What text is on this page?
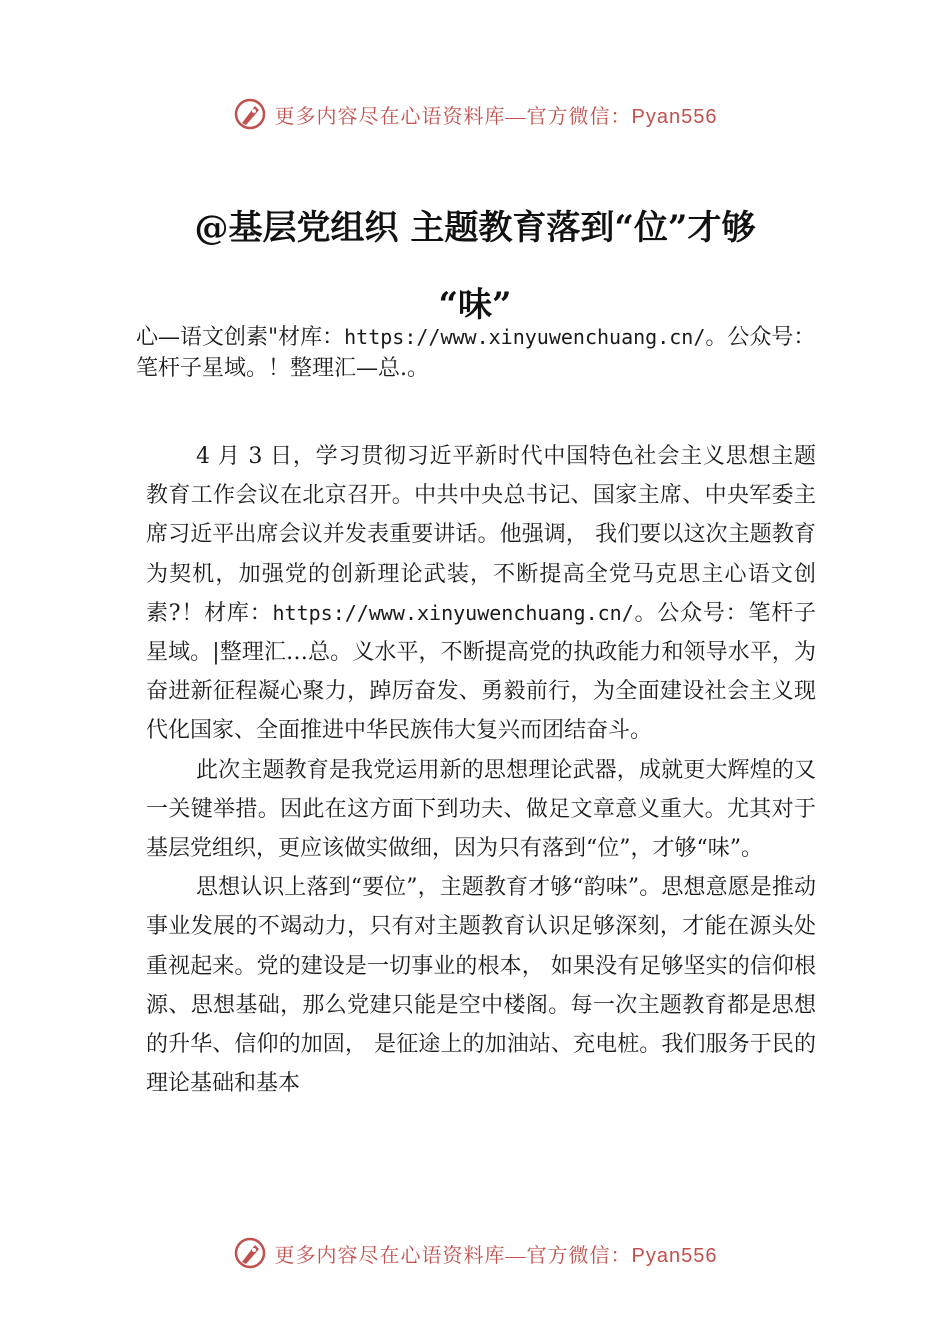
更多内容尽在心语资料库—官方微信：Pyan556
@基层党组织 主题教育落到“位”才够
“味”
心—语文创素"材库：https://www.xinyuwenchuang.cn/。公众号：笔杆子星域。！整理汇—总.。

4 月 3 日，学习贯彻习近平新时代中国特色社会主义思想主题教育工作会议在北京召开。中共中央总书记、国家主席、中央军委主席习近平出席会议并发表重要讲话。他强调， 我们要以这次主题教育为契机，加强党的创新理论武装，不断提高全党马克思主心语文创素?！材库：https://www.xinyuwenchuang.cn/。公众号：笔杆子星域。|整理汇…总。义水平，不断提高党的执政能力和领导水平，为奋进新征程凝心聚力，踔厉奋发、勇毅前行，为全面建设社会主义现代化国家、全面推进中华民族伟大复兴而团结奋斗。

此次主题教育是我党运用新的思想理论武器，成就更大辉煌的又一关键举措。因此在这方面下到功夫、做足文章意义重大。尤其对于基层党组织，更应该做实做细，因为只有落到“位”，才够“味”。

思想认识上落到“要位”，主题教育才够“韵味”。思想意愿是推动事业发展的不竭动力，只有对主题教育认识足够深刻，才能在源头处重视起来。党的建设是一切事业的根本， 如果没有足够坚实的信仰根源、思想基础，那么党建只能是空中楼阁。每一次主题教育都是思想的升华、信仰的加固， 是征途上的加油站、充电桩。我们服务于民的理论基础和基本

更多内容尽在心语资料库—官方微信：Pyan556
